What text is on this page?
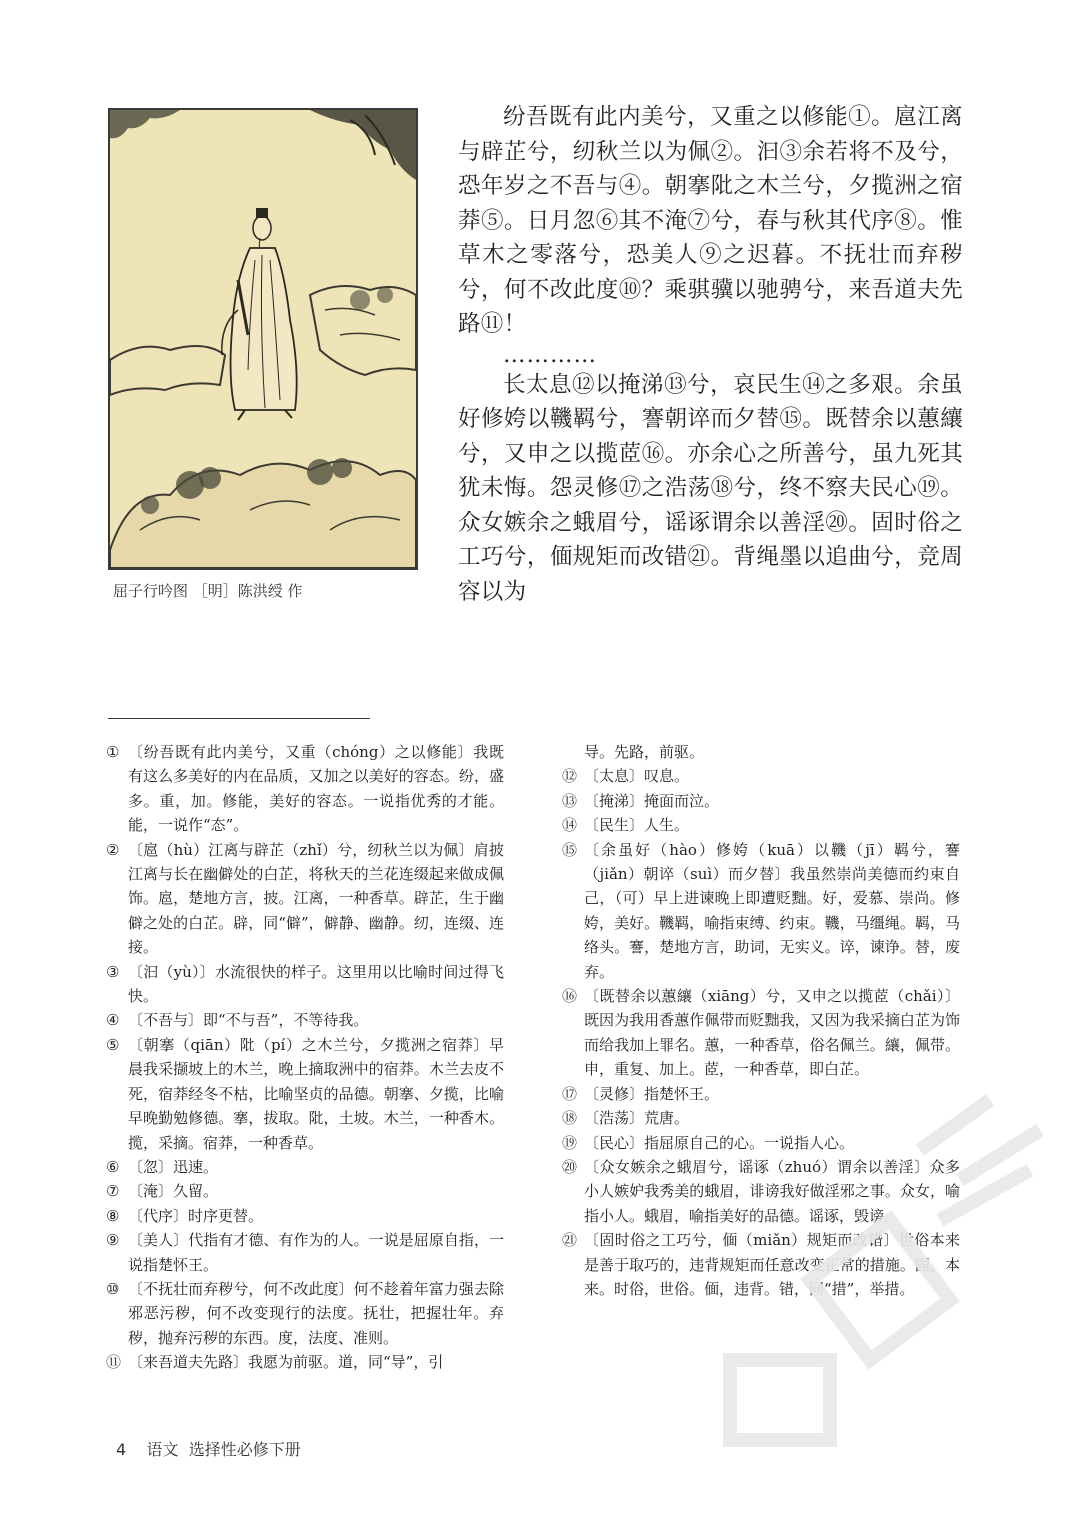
屈子行吟图 ［明］陈洪绶 作

纷吾既有此内美兮，又重之以修能①。扈江离与辟芷兮，纫秋兰以为佩②。汩③余若将不及兮，恐年岁之不吾与④。朝搴阰之木兰兮，夕揽洲之宿莽⑤。日月忽⑥其不淹⑦兮，春与秋其代序⑧。惟草木之零落兮，恐美人⑨之迟暮。不抚壮而弃秽兮，何不改此度⑩？乘骐骥以驰骋兮，来吾道夫先路⑪！

…………

长太息⑫以掩涕⑬兮，哀民生⑭之多艰。余虽好修姱以鞿羁兮，謇朝谇而夕替⑮。既替余以蕙纕兮，又申之以揽茝⑯。亦余心之所善兮，虽九死其犹未悔。怨灵修⑰之浩荡⑱兮，终不察夫民心⑲。众女嫉余之蛾眉兮，谣诼谓余以善淫⑳。固时俗之工巧兮，偭规矩而改错㉑。背绳墨以追曲兮，竞周容以为

① 〔纷吾既有此内美兮，又重（chóng）之以修能〕我既有这么多美好的内在品质，又加之以美好的容态。纷，盛多。重，加。修能，美好的容态。一说指优秀的才能。能，一说作“态”。
② 〔扈（hù）江离与辟芷（zhǐ）兮，纫秋兰以为佩〕肩披江离与长在幽僻处的白芷，将秋天的兰花连缀起来做成佩饰。扈，楚地方言，披。江离，一种香草。辟芷，生于幽僻之处的白芷。辟，同“僻”，僻静、幽静。纫，连缀、连接。
③ 〔汩（yù）〕水流很快的样子。这里用以比喻时间过得飞快。
④ 〔不吾与〕即“不与吾”，不等待我。
⑤ 〔朝搴（qiān）阰（pí）之木兰兮，夕揽洲之宿莽〕早晨我采撷坡上的木兰，晚上摘取洲中的宿莽。木兰去皮不死，宿莽经冬不枯，比喻坚贞的品德。朝搴、夕揽，比喻早晚勤勉修德。搴，拔取。阰，土坡。木兰，一种香木。揽，采摘。宿莽，一种香草。
⑥ 〔忽〕迅速。
⑦ 〔淹〕久留。
⑧ 〔代序〕时序更替。
⑨ 〔美人〕代指有才德、有作为的人。一说是屈原自指，一说指楚怀王。
⑩ 〔不抚壮而弃秽兮，何不改此度〕何不趁着年富力强去除邪恶污秽，何不改变现行的法度。抚壮，把握壮年。弃秽，抛弃污秽的东西。度，法度、准则。
⑪ 〔来吾道夫先路〕我愿为前驱。道，同“导”，引
导。先路，前驱。
⑫ 〔太息〕叹息。
⑬ 〔掩涕〕掩面而泣。
⑭ 〔民生〕人生。
⑮ 〔余虽好（hào）修姱（kuā）以鞿（jī）羁兮，謇（jiǎn）朝谇（suì）而夕替〕我虽然崇尚美德而约束自己，（可）早上进谏晚上即遭贬黜。好，爱慕、崇尚。修姱，美好。鞿羁，喻指束缚、约束。鞿，马缰绳。羁，马络头。謇，楚地方言，助词，无实义。谇，谏诤。替，废弃。
⑯ 〔既替余以蕙纕（xiāng）兮，又申之以揽茝（chǎi）〕既因为我用香蕙作佩带而贬黜我，又因为我采摘白芷为饰而给我加上罪名。蕙，一种香草，俗名佩兰。纕，佩带。申，重复、加上。茝，一种香草，即白芷。
⑰ 〔灵修〕指楚怀王。
⑱ 〔浩荡〕荒唐。
⑲ 〔民心〕指屈原自己的心。一说指人心。
⑳ 〔众女嫉余之蛾眉兮，谣诼（zhuó）谓余以善淫〕众多小人嫉妒我秀美的蛾眉，诽谤我好做淫邪之事。众女，喻指小人。蛾眉，喻指美好的品德。谣诼，毁谤。
㉑ 〔固时俗之工巧兮，偭（miǎn）规矩而改错〕世俗本来是善于取巧的，违背规矩而任意改变正常的措施。固，本来。时俗，世俗。偭，违背。错，同“措”，举措。
4 语文  选择性必修下册
